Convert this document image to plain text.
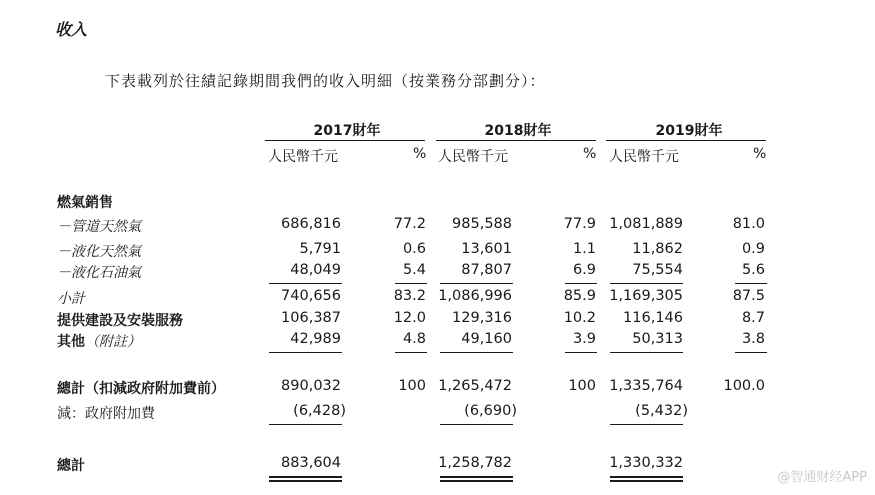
收入
下表載列於往績記錄期間我們的收入明細（按業務分部劃分）：
2017財年	2018財年	2019財年
人民幣千元	% 人民幣千元	% 人民幣千元	%
燃氣銷售
－管道天然氣	686,816	77.2 985,588	77.9 1,081,889	81.0
－液化天然氣	5,791	0.6 13,601	1.1	11,862	0.9
－液化石油氣	48,049	5.4 87,807	6.9	75,554	5.6
小計	740,656	83.2 1,086,996	85.9 1,169,305	87.5
提供建設及安裝服務	106,387	12.0 129,316	10.2 116,146	8.7
其他（附註）	42,989	4.8 49,160	3.9	50,313	3.8
總計（扣減政府附加費前）	890,032	100 1,265,472	100 1,335,764	100.0
減：政府附加費	(6,428)	(6,690)	(5,432)
總計	883,604	1,258,782	1,330,332
@智通财经APP
